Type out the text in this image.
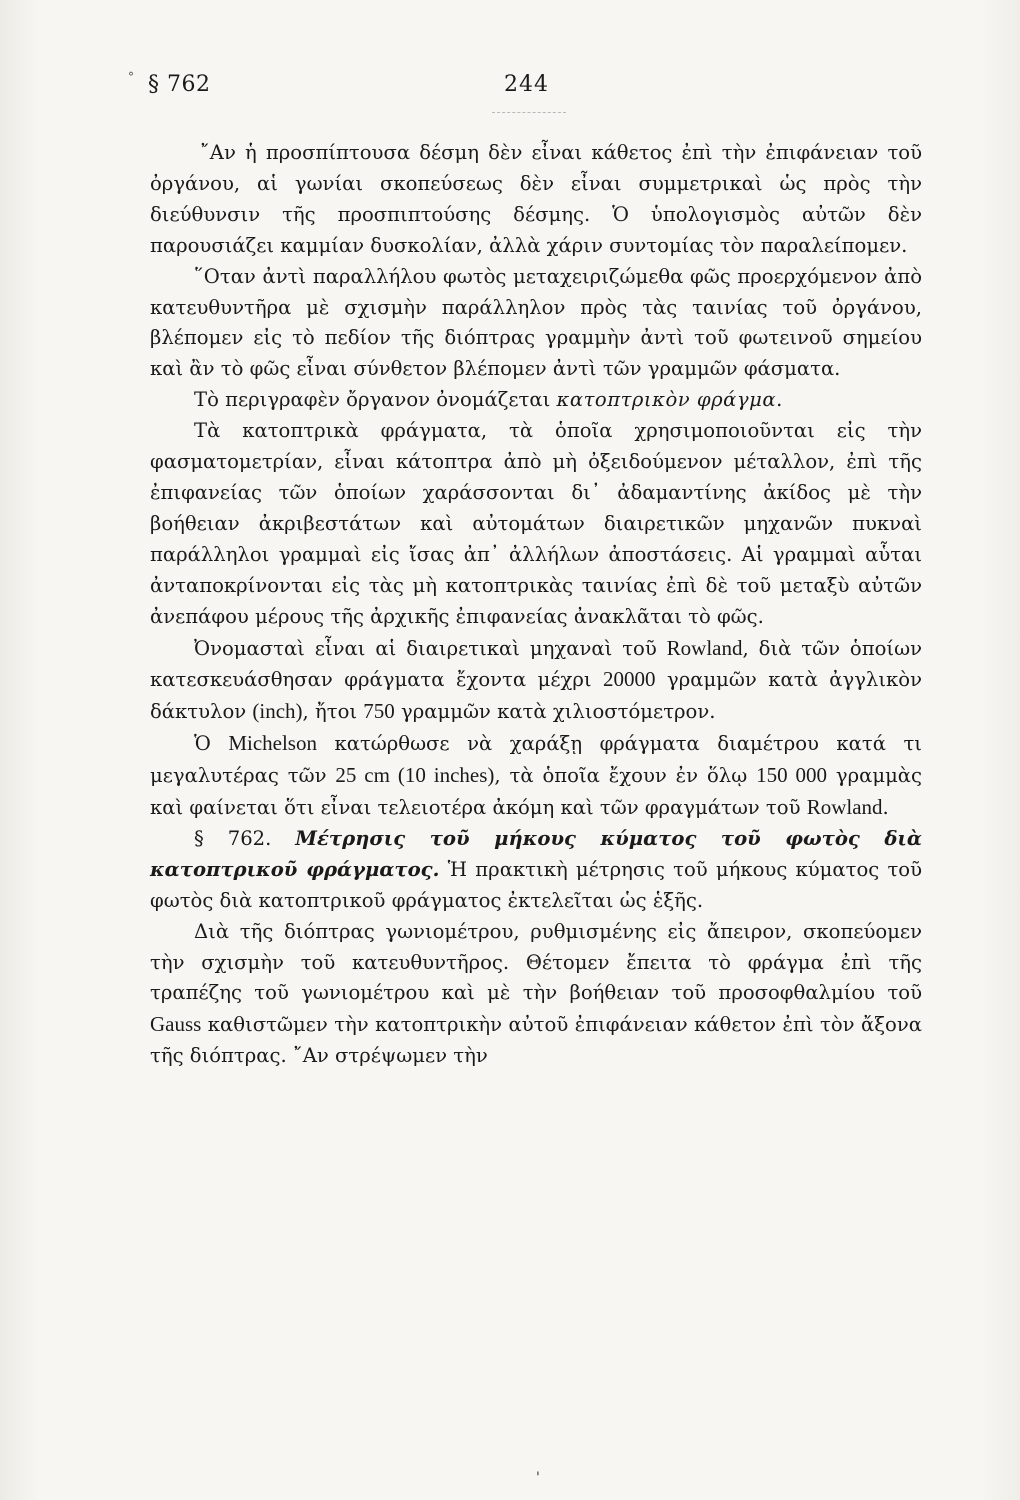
° § 762	244

῎Αν ἡ προσπίπτουσα δέσμη δὲν εἶναι κάθετος ἐπὶ τὴν ἐπιφάνειαν τοῦ ὀργάνου, αἱ γωνίαι σκοπεύσεως δὲν εἶναι συμμετρικαὶ ὡς πρὸς τὴν διεύθυνσιν τῆς προσπιπτούσης δέσμης. Ὁ ὑπολογισμὸς αὐτῶν δὲν παρουσιάζει καμμίαν δυσκολίαν, ἀλλὰ χάριν συντομίας τὸν παραλείπομεν.

῞Οταν ἀντὶ παραλλήλου φωτὸς μεταχειριζώμεθα φῶς προερχόμενον ἀπὸ κατευθυντῆρα μὲ σχισμὴν παράλληλον πρὸς τὰς ταινίας τοῦ ὀργάνου, βλέπομεν εἰς τὸ πεδίον τῆς διόπτρας γραμμὴν ἀντὶ τοῦ φωτεινοῦ σημείου καὶ ἂν τὸ φῶς εἶναι σύνθετον βλέπομεν ἀντὶ τῶν γραμμῶν φάσματα.

Τὸ περιγραφὲν ὄργανον ὀνομάζεται κατοπτρικὸν φράγμα.

Τὰ κατοπτρικὰ φράγματα, τὰ ὁποῖα χρησιμοποιοῦνται εἰς τὴν φασματομετρίαν, εἶναι κάτοπτρα ἀπὸ μὴ ὀξειδούμενον μέταλλον, ἐπὶ τῆς ἐπιφανείας τῶν ὁποίων χαράσσονται δι᾽ ἀδαμαντίνης ἀκίδος μὲ τὴν βοήθειαν ἀκριβεστάτων καὶ αὐτομάτων διαιρετικῶν μηχανῶν πυκναὶ παράλληλοι γραμμαὶ εἰς ἴσας ἀπ᾽ ἀλλήλων ἀποστάσεις. Αἱ γραμμαὶ αὗται ἀνταποκρίνονται εἰς τὰς μὴ κατοπτρικὰς ταινίας ἐπὶ δὲ τοῦ μεταξὺ αὐτῶν ἀνεπάφου μέρους τῆς ἀρχικῆς ἐπιφανείας ἀνακλᾶται τὸ φῶς.

Ὀνομασταὶ εἶναι αἱ διαιρετικαὶ μηχαναὶ τοῦ Rowland, διὰ τῶν ὁποίων κατεσκευάσθησαν φράγματα ἔχοντα μέχρι 20000 γραμμῶν κατὰ ἀγγλικὸν δάκτυλον (inch), ἤτοι 750 γραμμῶν κατὰ χιλιοστόμετρον.

Ὁ Michelson κατώρθωσε νὰ χαράξῃ φράγματα διαμέτρου κατά τι μεγαλυτέρας τῶν 25 cm (10 inches), τὰ ὁποῖα ἔχουν ἐν ὅλῳ 150 000 γραμμὰς καὶ φαίνεται ὅτι εἶναι τελειοτέρα ἀκόμη καὶ τῶν φραγμάτων τοῦ Rowland.

§ 762. Μέτρησις τοῦ μήκους κύματος τοῦ φωτὸς διὰ κατοπτρικοῦ φράγματος. Ἡ πρακτικὴ μέτρησις τοῦ μήκους κύματος τοῦ φωτὸς διὰ κατοπτρικοῦ φράγματος ἐκτελεῖται ὡς ἑξῆς.

Διὰ τῆς διόπτρας γωνιομέτρου, ρυθμισμένης εἰς ἄπειρον, σκοπεύομεν τὴν σχισμὴν τοῦ κατευθυντῆρος. Θέτομεν ἔπειτα τὸ φράγμα ἐπὶ τῆς τραπέζης τοῦ γωνιομέτρου καὶ μὲ τὴν βοήθειαν τοῦ προσοφθαλμίου τοῦ Gauss καθιστῶμεν τὴν κατοπτρικὴν αὐτοῦ ἐπιφάνειαν κάθετον ἐπὶ τὸν ἄξονα τῆς διόπτρας. ῎Αν στρέψωμεν τὴν

'
